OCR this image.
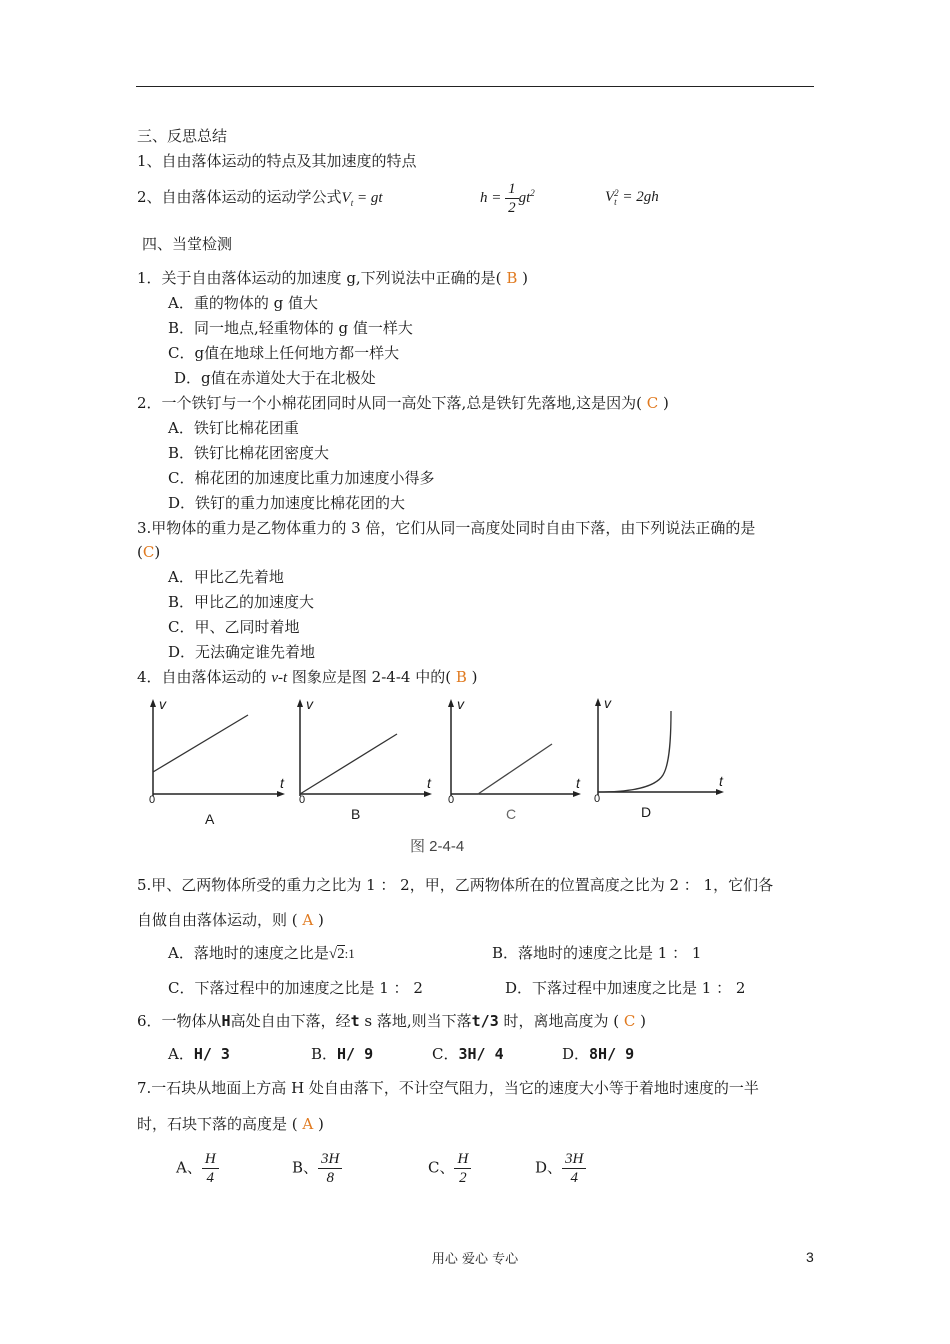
三、反思总结
1、自由落体运动的特点及其加速度的特点
2、自由落体运动的运动学公式$V_t$ = gt	$h = \frac{1}{2} gt^2$	V 2
t = 2gh
四、当堂检测
1．关于自由落体运动的加速度 g,下列说法中正确的是( B )
A．重的物体的 g 值大
B．同一地点,轻重物体的 g 值一样大
C．g值在地球上任何地方都一样大
D．g值在赤道处大于在北极处
2．一个铁钉与一个小棉花团同时从同一高处下落,总是铁钉先落地,这是因为( C )
A．铁钉比棉花团重
B．铁钉比棉花团密度大
C．棉花团的加速度比重力加速度小得多
D．铁钉的重力加速度比棉花团的大
3.甲物体的重力是乙物体重力的 3 倍，它们从同一高度处同时自由下落，由下列说法正确的是
(C)
A．甲比乙先着地
B．甲比乙的加速度大
C．甲、乙同时着地
D．无法确定谁先着地
4．自由落体运动的 v-t 图象应是图 2-4-4 中的( B )
v
t
0
A
v
t
0
B
v
t
0
C
v
t
0
D
图 2-4-4
5.甲、乙两物体所受的重力之比为 1 ： 2，甲，乙两物体所在的位置高度之比为 2 ： 1，它们各
自做自由落体运动，则 ( A )
A．落地时的速度之比是√2:1	B．落地时的速度之比是 1 ： 1
C．下落过程中的加速度之比是 1 ： 2	D．下落过程中加速度之比是 1 ： 2
6．一物体从H高处自由下落，经t s 落地,则当下落t/3 时，离地高度为 ( C )
A．H/ 3	B．H/ 9	C．3H/ 4	D．8H/ 9
7.一石块从地面上方高 H 处自由落下，不计空气阻力，当它的速度大小等于着地时速度的一半
时，石块下落的高度是 ( A )
A、 $\frac{H}{4}$	B、 $\frac{3H}{8}$	C、 $\frac{H}{2}$	D、 $\frac{3H}{4}$
用心 爱心 专心	3
